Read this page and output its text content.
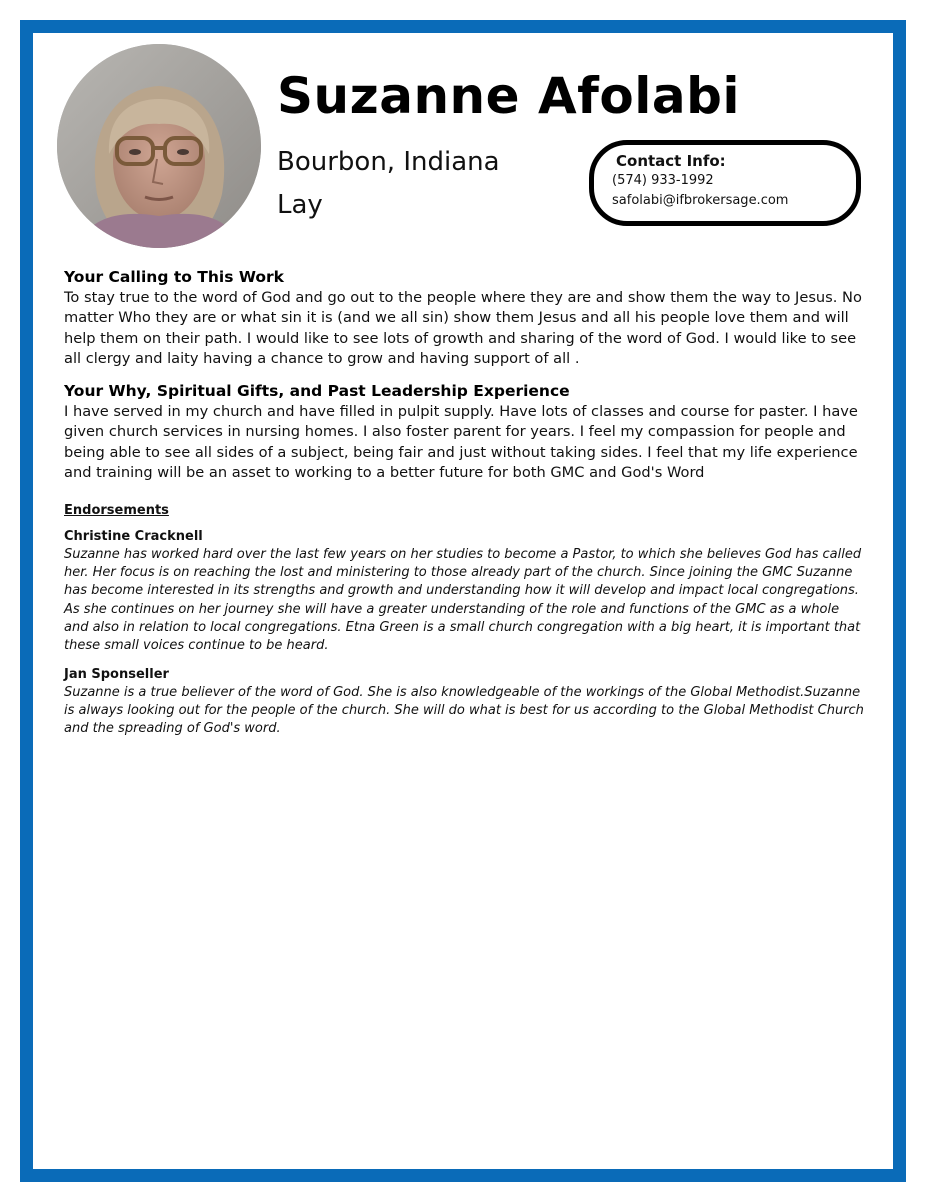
Suzanne Afolabi
Bourbon, Indiana
Lay
Contact Info:
(574) 933-1992
safolabi@ifbrokersage.com
Your Calling to This Work

To stay true to the word of God and go out to the people where they are and show them the way to Jesus. No matter Who they are or what sin it is (and we all sin) show them Jesus and all his people love them and will help them on their path. I would like to see lots of growth and sharing of the word of God. I would like to see all clergy and laity having a chance to grow and having support of all .

Your Why, Spiritual Gifts, and Past Leadership Experience

I have served in my church and have filled in pulpit supply. Have lots of classes and course for paster. I have given church services in nursing homes. I also foster parent for years. I feel my compassion for people and being able to see all sides of a subject, being fair and just without taking sides. I feel that my life experience and training will be an asset to working to a better future for both GMC and God's Word

Endorsements

Christine Cracknell

Suzanne has worked hard over the last few years on her studies to become a Pastor, to which she believes God has called her. Her focus is on reaching the lost and ministering to those already part of the church. Since joining the GMC Suzanne has become interested in its strengths and growth and understanding how it will develop and impact local congregations. As she continues on her journey she will have a greater understanding of the role and functions of the GMC as a whole and also in relation to local congregations. Etna Green is a small church congregation with a big heart, it is important that these small voices continue to be heard.

Jan Sponseller

Suzanne is a true believer of the word of God. She is also knowledgeable of the workings of the Global Methodist.Suzanne is always looking out for the people of the church. She will do what is best for us according to the Global Methodist Church and the spreading of God's word.
